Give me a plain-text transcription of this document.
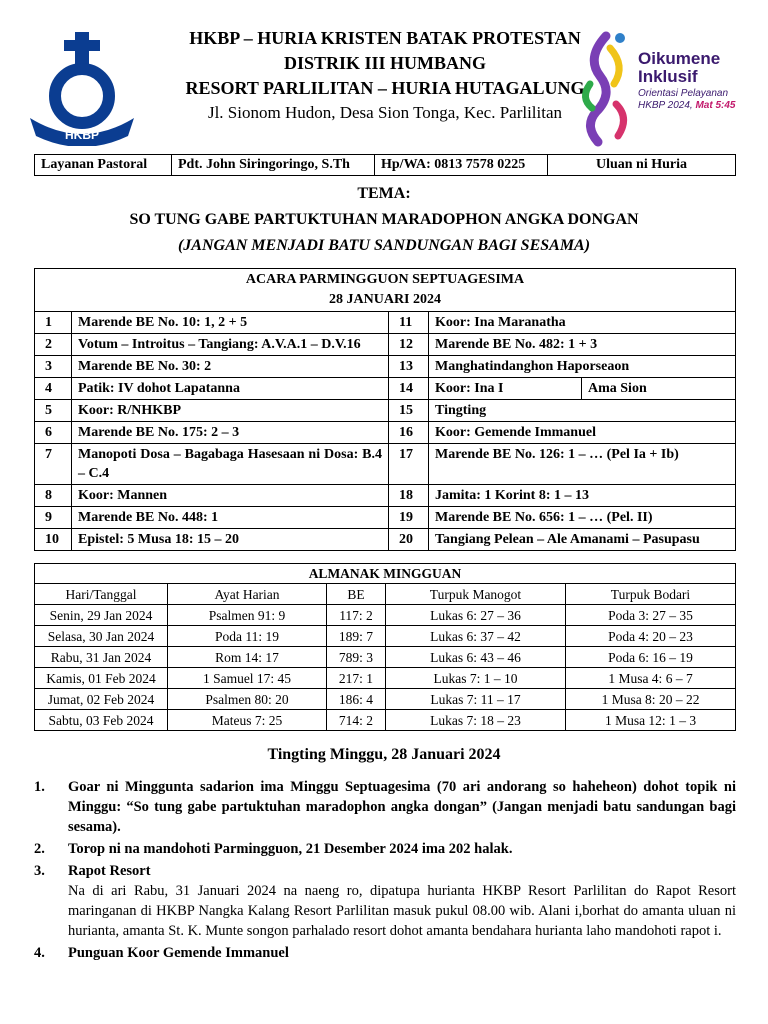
HKBP
HKBP – HURIA KRISTEN BATAK PROTESTAN
DISTRIK III HUMBANG
RESORT PARLILITAN – HURIA HUTAGALUNG
Jl. Sionom Hudon, Desa Sion Tonga, Kec. Parlilitan
Oikumene
Inklusif
Orientasi Pelayanan
HKBP 2024, Mat 5:45
Layanan Pastoral	Pdt. John Siringoringo, S.Th	Hp/WA: 0813 7578 0225	Uluan ni Huria
TEMA:
SO TUNG GABE PARTUKTUHAN MARADOPHON ANGKA DONGAN
(JANGAN MENJADI BATU SANDUNGAN BAGI SESAMA)
ACARA PARMINGGUON SEPTUAGESIMA
28 JANUARI 2024				

1	Marende BE No. 10: 1, 2 + 5	11	Koor: Ina Maranatha	
2	Votum – Introitus – Tangiang: A.V.A.1 – D.V.16	12	Marende BE No. 482: 1 + 3	
3	Marende BE No. 30: 2	13	Manghatindanghon Haporseaon	
4	Patik: IV dohot Lapatanna	14	Koor: Ina I	Ama Sion
5	Koor: R/NHKBP	15	Tingting	
6	Marende BE No. 175: 2 – 3	16	Koor: Gemende Immanuel	
7	Manopoti Dosa – Bagabaga Hasesaan ni Dosa: B.4 – C.4	17	Marende BE No. 126: 1 – … (Pel Ia + Ib)	
8	Koor: Mannen	18	Jamita: 1 Korint 8: 1 – 13	
9	Marende BE No. 448: 1	19	Marende BE No. 656: 1 – … (Pel. II)	
10	Epistel: 5 Musa 18: 15 – 20	20	Tangiang Pelean – Ale Amanami – Pasupasu	
ALMANAK MINGGUAN				
Hari/Tanggal	Ayat Harian	BE	Turpuk Manogot	Turpuk Bodari
Senin, 29 Jan 2024	Psalmen 91: 9	117: 2	Lukas 6: 27 – 36	Poda 3: 27 – 35
Selasa, 30 Jan 2024	Poda 11: 19	189: 7	Lukas 6: 37 – 42	Poda 4: 20 – 23
Rabu, 31 Jan 2024	Rom 14: 17	789: 3	Lukas 6: 43 – 46	Poda 6: 16 – 19
Kamis, 01 Feb 2024	1 Samuel 17: 45	217: 1	Lukas 7: 1 – 10	1 Musa 4: 6 – 7
Jumat, 02 Feb 2024	Psalmen 80: 20	186: 4	Lukas 7: 11 – 17	1 Musa 8: 20 – 22
Sabtu, 03 Feb 2024	Mateus 7: 25	714: 2	Lukas 7: 18 – 23	1 Musa 12: 1 – 3
Tingting Minggu, 28 Januari 2024
1.	Goar ni Minggunta sadarion ima Minggu Septuagesima (70 ari andorang so haheheon) dohot topik ni Minggu: “So tung gabe partuktuhan maradophon angka dongan” (Jangan menjadi batu sandungan bagi sesama).
2.	Torop ni na mandohoti Parmingguon, 21 Desember 2024 ima 202 halak.
3.	Rapot Resort
Na di ari Rabu, 31 Januari 2024 na naeng ro, dipatupa hurianta HKBP Resort Parlilitan do Rapot Resort maringanan di HKBP Nangka Kalang Resort Parlilitan masuk pukul 08.00 wib. Alani i,borhat do amanta uluan ni hurianta, amanta St. K. Munte songon parhalado resort dohot amanta bendahara hurianta laho mandohoti rapot i.
4.	Punguan Koor Gemende Immanuel
